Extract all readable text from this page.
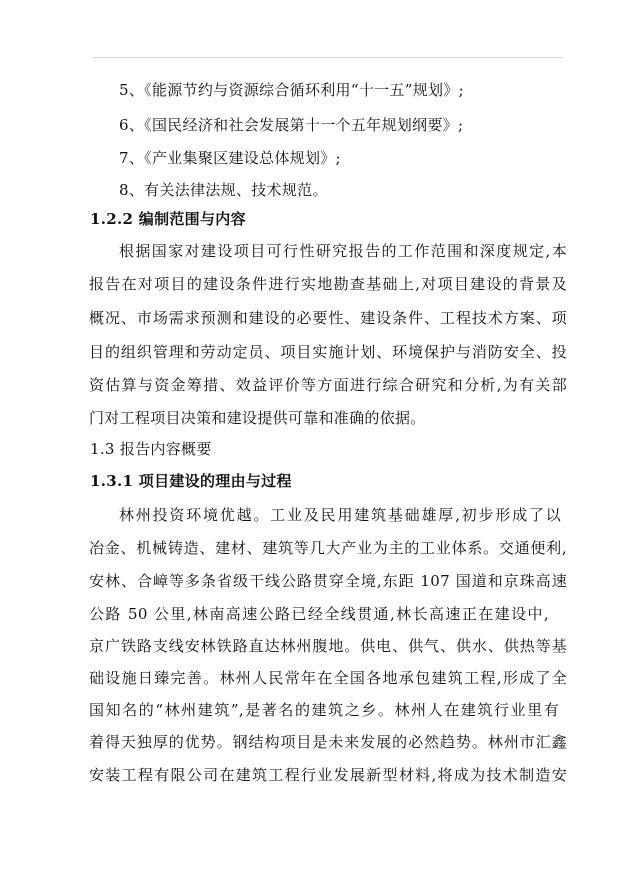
5、《能源节约与资源综合循环利用“十一五”规划》;
6、《国民经济和社会发展第十一个五年规划纲要》;
7、《产业集聚区建设总体规划》;
8、有关法律法规、技术规范。
1.2.2 编制范围与内容
根据国家对建设项目可行性研究报告的工作范围和深度规定,本
报告在对项目的建设条件进行实地勘查基础上,对项目建设的背景及
概况、市场需求预测和建设的必要性、建设条件、工程技术方案、项
目的组织管理和劳动定员、项目实施计划、环境保护与消防安全、投
资估算与资金筹措、效益评价等方面进行综合研究和分析,为有关部
门对工程项目决策和建设提供可靠和准确的依据。
1.3 报告内容概要
1.3.1 项目建设的理由与过程
林州投资环境优越。工业及民用建筑基础雄厚,初步形成了以
冶金、机械铸造、建材、建筑等几大产业为主的工业体系。交通便利,
安林、合嶂等多条省级干线公路贯穿全境,东距 107 国道和京珠高速
公路 50 公里,林南高速公路已经全线贯通,林长高速正在建设中,
京广铁路支线安林铁路直达林州腹地。供电、供气、供水、供热等基
础设施日臻完善。林州人民常年在全国各地承包建筑工程,形成了全
国知名的“林州建筑”,是著名的建筑之乡。林州人在建筑行业里有
着得天独厚的优势。钢结构项目是未来发展的必然趋势。林州市汇鑫
安装工程有限公司在建筑工程行业发展新型材料,将成为技术制造安
